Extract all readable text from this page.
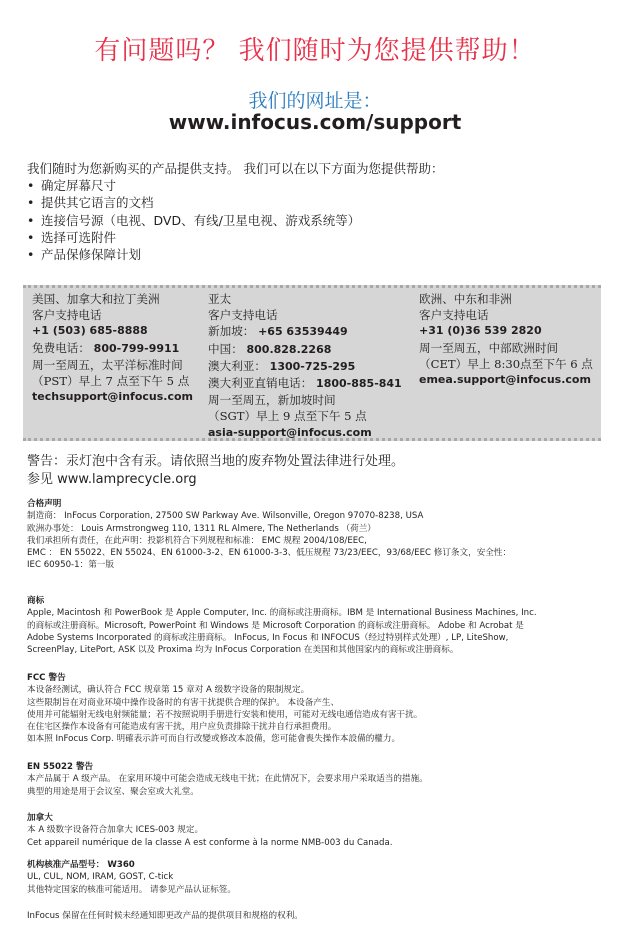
有问题吗？ 我们随时为您提供帮助！
我们的网址是：
www.infocus.com/support
我们随时为您新购买的产品提供支持。 我们可以在以下方面为您提供帮助：
• 确定屏幕尺寸
• 提供其它语言的文档
• 连接信号源（电视、DVD、有线/卫星电视、游戏系统等）
• 选择可选附件
• 产品保修保障计划
美国、加拿大和拉丁美洲
客户支持电话
+1 (503) 685-8888
免费电话： 800-799-9911
周一至周五，太平洋标准时间
（PST）早上 7 点至下午 5 点
techsupport@infocus.com
亚太
客户支持电话
新加坡： +65 63539449
中国： 800.828.2268
澳大利亚： 1300-725-295
澳大利亚直销电话： 1800-885-841
周一至周五，新加坡时间
（SGT）早上 9 点至下午 5 点
asia-support@infocus.com
欧洲、中东和非洲
客户支持电话
+31 (0)36 539 2820
周一至周五，中部欧洲时间
（CET）早上 8:30点至下午 6 点
emea.support@infocus.com
警告：汞灯泡中含有汞。请依照当地的废弃物处置法律进行处理。
参见 www.lamprecycle.org
合格声明
制造商： InFocus Corporation, 27500 SW Parkway Ave. Wilsonville, Oregon 97070-8238, USA
欧洲办事处： Louis Armstrongweg 110, 1311 RL Almere, The Netherlands （荷兰）
我们承担所有责任，在此声明：投影机符合下列规程和标准： EMC 规程 2004/108/EEC,
EMC ： EN 55022、EN 55024、EN 61000-3-2、EN 61000-3-3、低压规程 73/23/EEC，93/68/EEC 修订条文，安全性：
IEC 60950-1：第一版
商标
Apple, Macintosh 和 PowerBook 是 Apple Computer, Inc. 的商标或注册商标。IBM 是 International Business Machines, Inc.
的商标或注册商标。Microsoft, PowerPoint 和 Windows 是 Microsoft Corporation 的商标或注册商标。 Adobe 和 Acrobat 是
Adobe Systems Incorporated 的商标或注册商标。 InFocus, In Focus 和 INFOCUS（经过特别样式处理）, LP, LiteShow,
ScreenPlay, LitePort, ASK 以及 Proxima 均为 InFocus Corporation 在美国和其他国家内的商标或注册商标。
FCC 警告
本设备经测试，确认符合 FCC 规章第 15 章对 A 级数字设备的限制规定。
这些限制旨在对商业环境中操作设备时的有害干扰提供合理的保护。 本设备产生、
使用并可能辐射无线电射频能量；若不按照说明手册进行安装和使用，可能对无线电通信造成有害干扰。
在住宅区操作本设备有可能造成有害干扰，用户应负责排除干扰并自行承担费用。
如本照 InFocus Corp. 明確表示許可而自行改變或修改本設備，您可能會喪失操作本設備的權力。
EN 55022 警告
本产品属于 A 级产品。 在家用环境中可能会造成无线电干扰；在此情况下，会要求用户采取适当的措施。
典型的用途是用于会议室、聚会室或大礼堂。
加拿大
本 A 级数字设备符合加拿大 ICES-003 规定。
Cet appareil numérique de la classe A est conforme à la norme NMB-003 du Canada.
机构核准产品型号： W360
UL, CUL, NOM, IRAM, GOST, C-tick
其他特定国家的核准可能适用。 请参见产品认证标签。
InFocus 保留在任何时候未经通知即更改产品的提供项目和规格的权利。
